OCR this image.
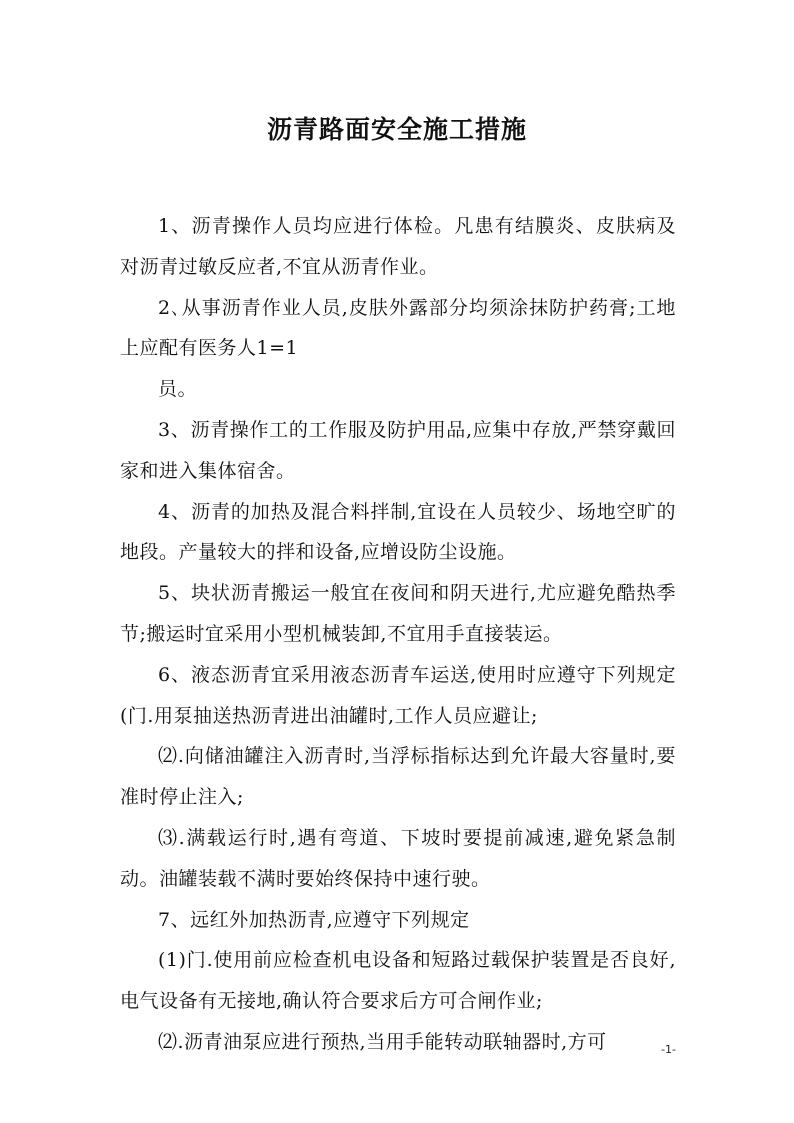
沥青路面安全施工措施

1、沥青操作人员均应进行体检。凡患有结膜炎、皮肤病及对沥青过敏反应者,不宜从沥青作业。

2､从事沥青作业人员,皮肤外露部分均须涂抹防护药膏;工地上应配有医务人1=1

员。

3、沥青操作工的工作服及防护用品,应集中存放,严禁穿戴回家和进入集体宿舍。

4、沥青的加热及混合料拌制,宜设在人员较少、场地空旷的地段。产量较大的拌和设备,应增设防尘设施。

5、块状沥青搬运一般宜在夜间和阴天进行,尤应避免酷热季节;搬运时宜采用小型机械装卸,不宜用手直接装运。

6、液态沥青宜采用液态沥青车运送,使用时应遵守下列规定(门.用泵抽送热沥青进出油罐时,工作人员应避让;

⑵.向储油罐注入沥青时,当浮标指标达到允许最大容量时,要准时停止注入;

⑶.满载运行时,遇有弯道、下坡时要提前减速,避免紧急制动。油罐装载不满时要始终保持中速行驶。

7、远红外加热沥青,应遵守下列规定

(1)门.使用前应检查机电设备和短路过载保护装置是否良好,电气设备有无接地,确认符合要求后方可合闸作业;

⑵.沥青油泵应进行预热,当用手能转动联轴器时,方可	-1-
